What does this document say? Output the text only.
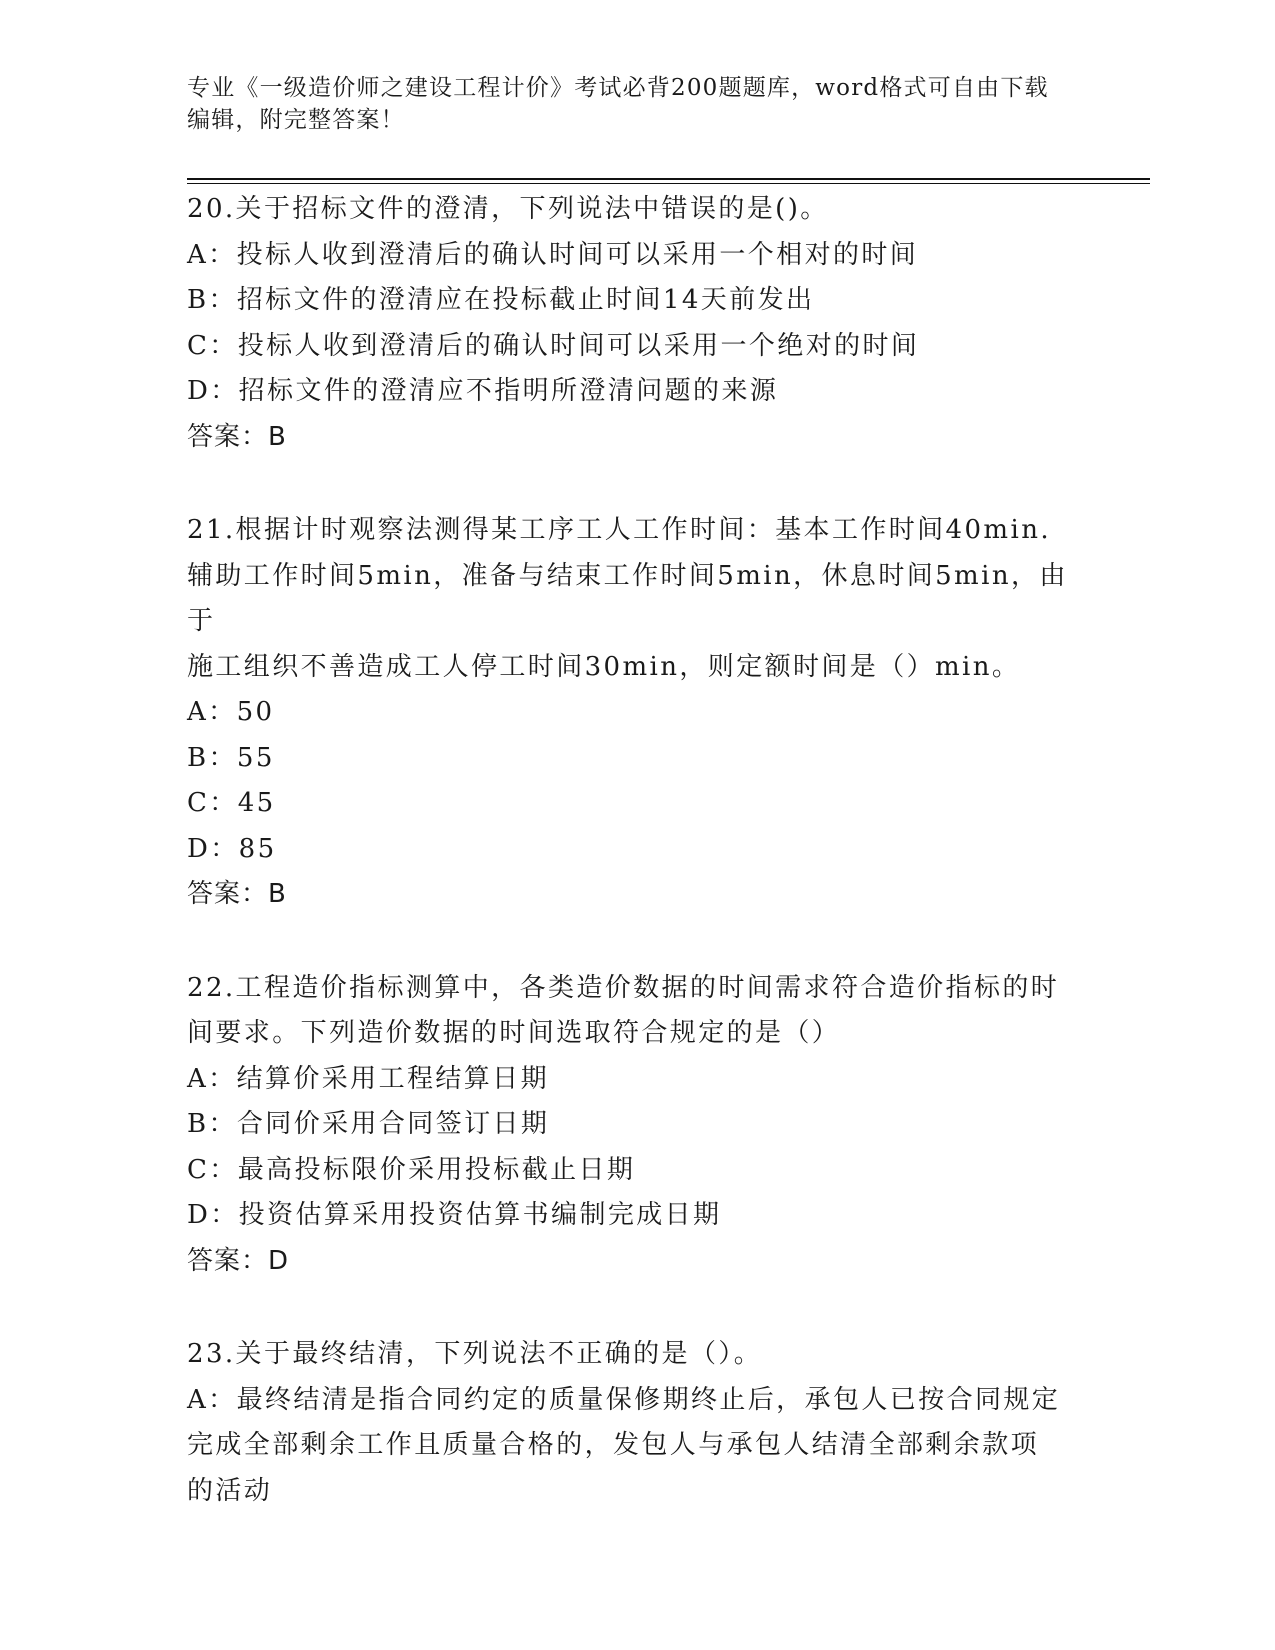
专业《一级造价师之建设工程计价》考试必背200题题库，word格式可自由下载
编辑，附完整答案！
20.关于招标文件的澄清，下列说法中错误的是()。
A：投标人收到澄清后的确认时间可以采用一个相对的时间
B：招标文件的澄清应在投标截止时间14天前发出
C：投标人收到澄清后的确认时间可以采用一个绝对的时间
D：招标文件的澄清应不指明所澄清问题的来源
答案：B
21.根据计时观察法测得某工序工人工作时间：基本工作时间40min.
辅助工作时间5min，准备与结束工作时间5min，休息时间5min，由于
施工组织不善造成工人停工时间30min，则定额时间是（）min。
A：50
B：55
C：45
D：85
答案：B
22.工程造价指标测算中，各类造价数据的时间需求符合造价指标的时
间要求。下列造价数据的时间选取符合规定的是（）
A：结算价采用工程结算日期
B：合同价采用合同签订日期
C：最高投标限价采用投标截止日期
D：投资估算采用投资估算书编制完成日期
答案：D
23.关于最终结清，下列说法不正确的是（）。
A：最终结清是指合同约定的质量保修期终止后，承包人已按合同规定
完成全部剩余工作且质量合格的，发包人与承包人结清全部剩余款项
的活动
